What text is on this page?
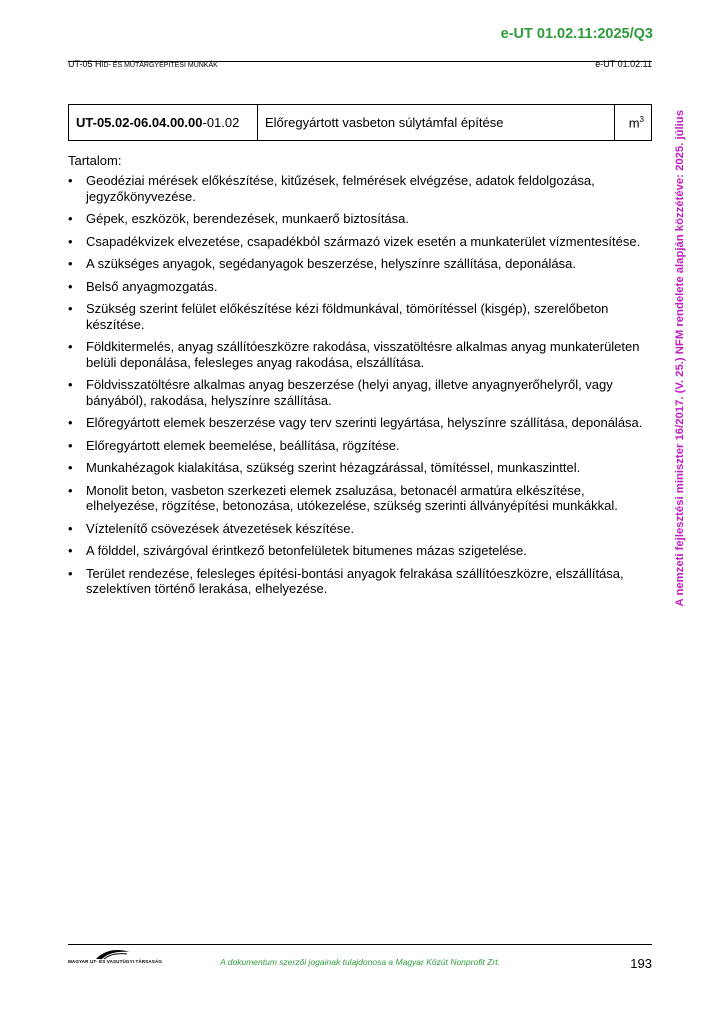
e-UT 01.02.11:2025/Q3
UT-05 HÍD- ÉS MŰTÁRGYÉPÍTÉSI MUNKÁK	e-UT 01.02.11
A nemzeti fejlesztési miniszter 16/2017. (V. 25.) NFM rendelete alapján közzétéve: 2025. július
UT-05.02-06.04.00.00-01.02	Előregyártott vasbeton súlytámfal építése	$m^3$
Tartalom:
• Geodéziai mérések előkészítése, kitűzések, felmérések elvégzése, adatok feldolgozása, jegyzőkönyvezése.
• Gépek, eszközök, berendezések, munkaerő biztosítása.
• Csapadékvizek elvezetése, csapadékból származó vizek esetén a munkaterület vízmentesítése.
• A szükséges anyagok, segédanyagok beszerzése, helyszínre szállítása, deponálása.
• Belső anyagmozgatás.
• Szükség szerint felület előkészítése kézi földmunkával, tömörítéssel (kisgép), szerelőbeton készítése.
• Földkitermelés, anyag szállítóeszközre rakodása, visszatöltésre alkalmas anyag munkaterületen belüli deponálása, felesleges anyag rakodása, elszállítása.
• Földvisszatöltésre alkalmas anyag beszerzése (helyi anyag, illetve anyagnyerőhelyről, vagy bányából), rakodása, helyszínre szállítása.
• Előregyártott elemek beszerzése vagy terv szerinti legyártása, helyszínre szállítása, deponálása.
• Előregyártott elemek beemelése, beállítása, rögzítése.
• Munkahézagok kialakítása, szükség szerint hézagzárással, tömítéssel, munkaszinttel.
• Monolit beton, vasbeton szerkezeti elemek zsaluzása, betonacél armatúra elkészítése, elhelyezése, rögzítése, betonozása, utókezelése, szükség szerinti állványépítési munkákkal.
• Víztelenítő csövezések átvezetések készítése.
• A földdel, szivárgóval érintkező betonfelületek bitumenes mázas szigetelése.
• Terület rendezése, felesleges építési-bontási anyagok felrakása szállítóeszközre, elszállítása, szelektíven történő lerakása, elhelyezése.
MAGYAR UT- ÉS VASUTÜGYI TÁRSASÁG	A dokumentum szerzői jogainak tulajdonosa a Magyar Közút Nonprofit Zrt.	193
